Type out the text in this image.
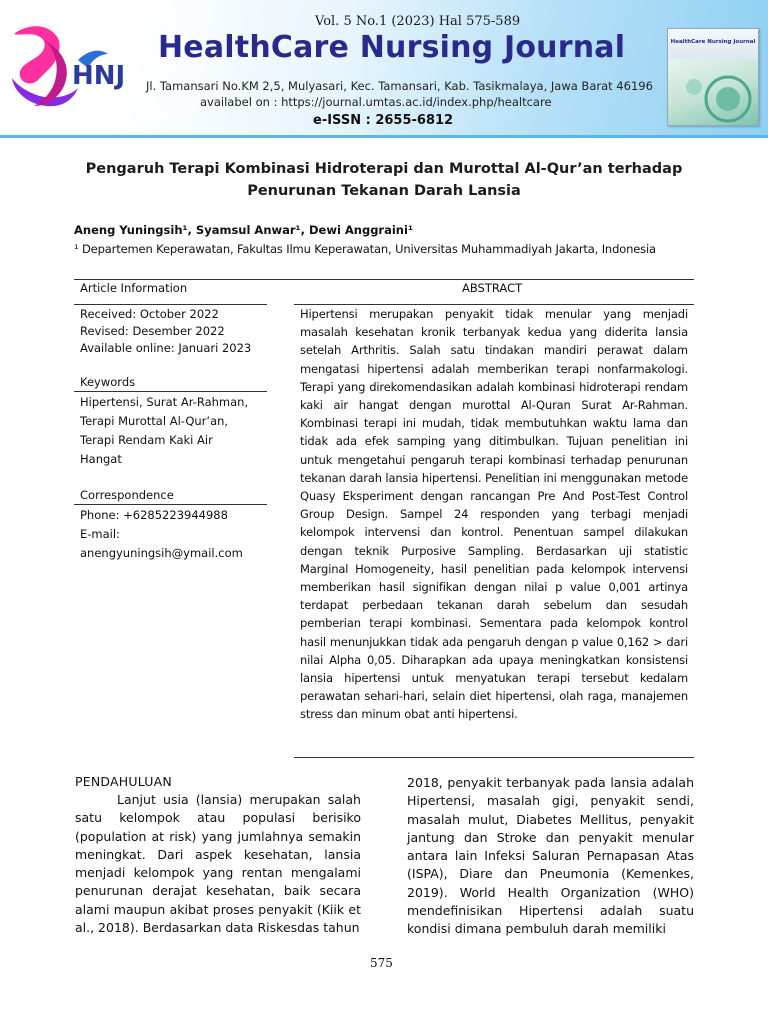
HNJ
Vol. 5 No.1 (2023) Hal 575-589
HealthCare Nursing Journal
Jl. Tamansari No.KM 2,5, Mulyasari, Kec. Tamansari, Kab. Tasikmalaya, Jawa Barat 46196
availabel on : https://journal.umtas.ac.id/index.php/healtcare
e-ISSN : 2655-6812
HealthCare Nursing Journal
Pengaruh Terapi Kombinasi Hidroterapi dan Murottal Al-Qur’an terhadap
Penurunan Tekanan Darah Lansia
Aneng Yuningsih¹, Syamsul Anwar¹, Dewi Anggraini¹
¹ Departemen Keperawatan, Fakultas Ilmu Keperawatan, Universitas Muhammadiyah Jakarta, Indonesia
Article Information	ABSTRACT
Received: October 2022
Revised: Desember 2022
Available online: Januari 2023
Keywords
Hipertensi, Surat Ar-Rahman,
Terapi Murottal Al-Qur’an,
Terapi Rendam Kaki Air
Hangat
Correspondence
Phone: +6285223944988
E-mail:
anengyuningsih@ymail.com
Hipertensi merupakan penyakit tidak menular yang menjadi masalah kesehatan kronik terbanyak kedua yang diderita lansia setelah Arthritis. Salah satu tindakan mandiri perawat dalam mengatasi hipertensi adalah memberikan terapi nonfarmakologi. Terapi yang direkomendasikan adalah kombinasi hidroterapi rendam kaki air hangat dengan murottal Al-Quran Surat Ar-Rahman. Kombinasi terapi ini mudah, tidak membutuhkan waktu lama dan tidak ada efek samping yang ditimbulkan. Tujuan penelitian ini untuk mengetahui pengaruh terapi kombinasi terhadap penurunan tekanan darah lansia hipertensi. Penelitian ini menggunakan metode Quasy Eksperiment dengan rancangan Pre And Post-Test Control Group Design. Sampel 24 responden yang terbagi menjadi kelompok intervensi dan kontrol. Penentuan sampel dilakukan dengan teknik Purposive Sampling. Berdasarkan uji statistic Marginal Homogeneity, hasil penelitian pada kelompok intervensi memberikan hasil signifikan dengan nilai p value 0,001 artinya terdapat perbedaan tekanan darah sebelum dan sesudah pemberian terapi kombinasi. Sementara pada kelompok kontrol hasil menunjukkan tidak ada pengaruh dengan p value 0,162 > dari nilai Alpha 0,05. Diharapkan ada upaya meningkatkan konsistensi lansia hipertensi untuk menyatukan terapi tersebut kedalam perawatan sehari-hari, selain diet hipertensi, olah raga, manajemen stress dan minum obat anti hipertensi.
PENDAHULUAN
Lanjut usia (lansia) merupakan salah satu kelompok atau populasi berisiko (population at risk) yang jumlahnya semakin meningkat. Dari aspek kesehatan, lansia menjadi kelompok yang rentan mengalami penurunan derajat kesehatan, baik secara alami maupun akibat proses penyakit (Kiik et al., 2018). Berdasarkan data Riskesdas tahun
2018, penyakit terbanyak pada lansia adalah Hipertensi, masalah gigi, penyakit sendi, masalah mulut, Diabetes Mellitus, penyakit jantung dan Stroke dan penyakit menular antara lain Infeksi Saluran Pernapasan Atas (ISPA), Diare dan Pneumonia (Kemenkes, 2019). World Health Organization (WHO) mendefinisikan Hipertensi adalah suatu kondisi dimana pembuluh darah memiliki
575
